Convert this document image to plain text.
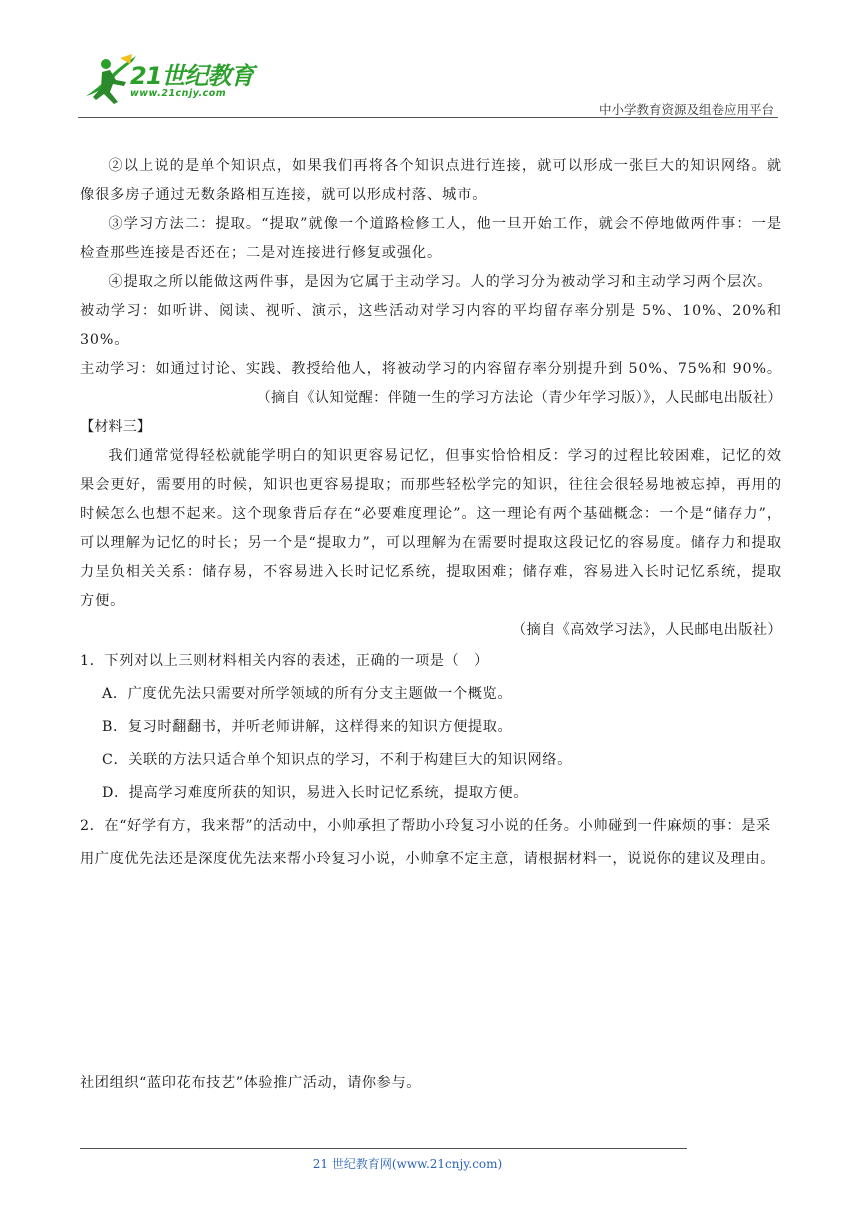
21世纪教育
www.21cnjy.com
中小学教育资源及组卷应用平台

②以上说的是单个知识点，如果我们再将各个知识点进行连接，就可以形成一张巨大的知识网络。就像很多房子通过无数条路相互连接，就可以形成村落、城市。

③学习方法二：提取。“提取”就像一个道路检修工人，他一旦开始工作，就会不停地做两件事：一是检查那些连接是否还在；二是对连接进行修复或强化。

④提取之所以能做这两件事，是因为它属于主动学习。人的学习分为被动学习和主动学习两个层次。

被动学习：如听讲、阅读、视听、演示，这些活动对学习内容的平均留存率分别是 5%、10%、20%和 30%。

主动学习：如通过讨论、实践、教授给他人，将被动学习的内容留存率分别提升到 50%、75%和 90%。

（摘自《认知觉醒：伴随一生的学习方法论（青少年学习版）》，人民邮电出版社）

【材料三】

我们通常觉得轻松就能学明白的知识更容易记忆，但事实恰恰相反：学习的过程比较困难，记忆的效果会更好，需要用的时候，知识也更容易提取；而那些轻松学完的知识，往往会很轻易地被忘掉，再用的时候怎么也想不起来。这个现象背后存在“必要难度理论”。这一理论有两个基础概念：一个是“储存力”，可以理解为记忆的时长；另一个是“提取力”，可以理解为在需要时提取这段记忆的容易度。储存力和提取力呈负相关关系：储存易，不容易进入长时记忆系统，提取困难；储存难，容易进入长时记忆系统，提取方便。

（摘自《高效学习法》，人民邮电出版社）

1．下列对以上三则材料相关内容的表述，正确的一项是（　）

A．广度优先法只需要对所学领域的所有分支主题做一个概览。

B．复习时翻翻书，并听老师讲解，这样得来的知识方便提取。

C．关联的方法只适合单个知识点的学习，不利于构建巨大的知识网络。

D．提高学习难度所获的知识，易进入长时记忆系统，提取方便。

2．在“好学有方，我来帮”的活动中，小帅承担了帮助小玲复习小说的任务。小帅碰到一件麻烦的事：是采用广度优先法还是深度优先法来帮小玲复习小说，小帅拿不定主意，请根据材料一，说说你的建议及理由。

社团组织“蓝印花布技艺”体验推广活动，请你参与。
21 世纪教育网(www.21cnjy.com)
